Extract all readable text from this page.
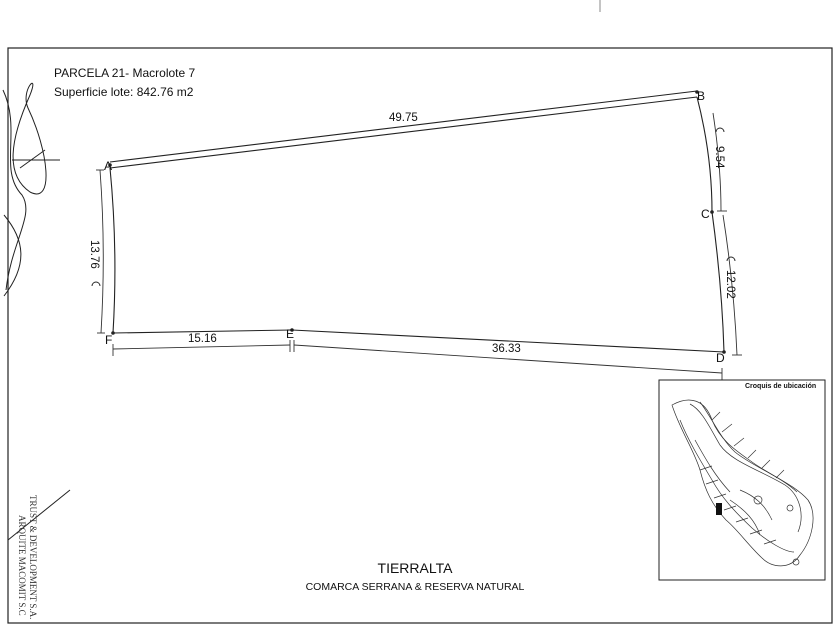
PARCELA 21- Macrolote 7
Superficie lote: 842.76 m2
A
B
C
D
E
F
49.75
15.16
36.33
13.76
9.54
12.02
TRUST & DEVELOPMENT S.A.
ARQUITE MACOMIT S.C
Croquis de ubicación
TIERRALTA
COMARCA SERRANA & RESERVA NATURAL
